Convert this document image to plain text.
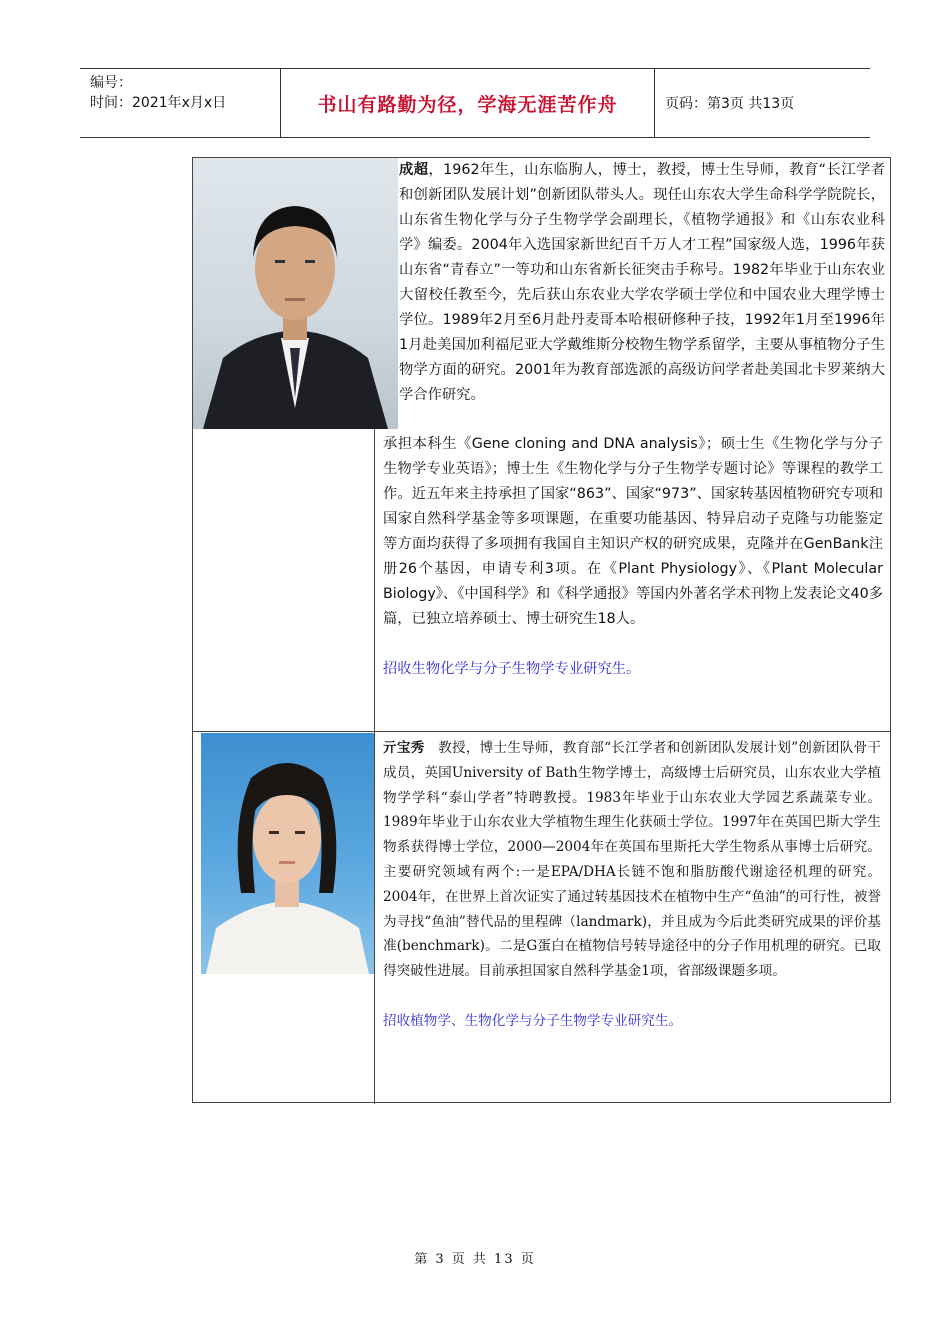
编号：
时间：2021年x月x日	书山有路勤为径，学海无涯苦作舟	页码：第3页 共13页

成超，1962年生，山东临朐人，博士，教授，博士生导师，教育“长江学者和创新团队发展计划”创新团队带头人。现任山东农大学生命科学学院院长，山东省生物化学与分子生物学学会副理长，《植物学通报》和《山东农业科学》编委。2004年入选国家新世纪百千万人才工程”国家级人选，1996年获山东省“青春立”一等功和山东省新长征突击手称号。1982年毕业于山东农业大留校任教至今，先后获山东农业大学农学硕士学位和中国农业大理学博士学位。1989年2月至6月赴丹麦哥本哈根研修种子技，1992年1月至1996年1月赴美国加利福尼亚大学戴维斯分校物生物学系留学，主要从事植物分子生物学方面的研究。2001年为教育部选派的高级访问学者赴美国北卡罗莱纳大学合作研究。

承担本科生《Gene cloning and DNA analysis》；硕士生《生物化学与分子生物学专业英语》；博士生《生物化学与分子生物学专题讨论》等课程的教学工作。近五年来主持承担了国家“863”、国家“973”、国家转基因植物研究专项和国家自然科学基金等多项课题，在重要功能基因、特异启动子克隆与功能鉴定等方面均获得了多项拥有我国自主知识产权的研究成果，克隆并在GenBank注册26个基因，申请专利3项。在《Plant Physiology》、《Plant Molecular Biology》、《中国科学》和《科学通报》等国内外著名学术刊物上发表论文40多篇，已独立培养硕士、博士研究生18人。

招收生物化学与分子生物学专业研究生。

亓宝秀 教授，博士生导师，教育部“长江学者和创新团队发展计划”创新团队骨干成员，英国University of Bath生物学博士，高级博士后研究员，山东农业大学植物学学科“泰山学者”特聘教授。1983年毕业于山东农业大学园艺系蔬菜专业。1989年毕业于山东农业大学植物生理生化获硕士学位。1997年在英国巴斯大学生物系获得博士学位，2000—2004年在英国布里斯托大学生物系从事博士后研究。主要研究领域有两个:一是EPA/DHA长链不饱和脂肪酸代谢途径机理的研究。2004年，在世界上首次证实了通过转基因技术在植物中生产“鱼油”的可行性，被誉为寻找“鱼油”替代品的里程碑（landmark)，并且成为今后此类研究成果的评价基准(benchmark)。二是G蛋白在植物信号转导途径中的分子作用机理的研究。已取得突破性进展。目前承担国家自然科学基金1项，省部级课题多项。

招收植物学、生物化学与分子生物学专业研究生。

第 3 页 共 13 页
